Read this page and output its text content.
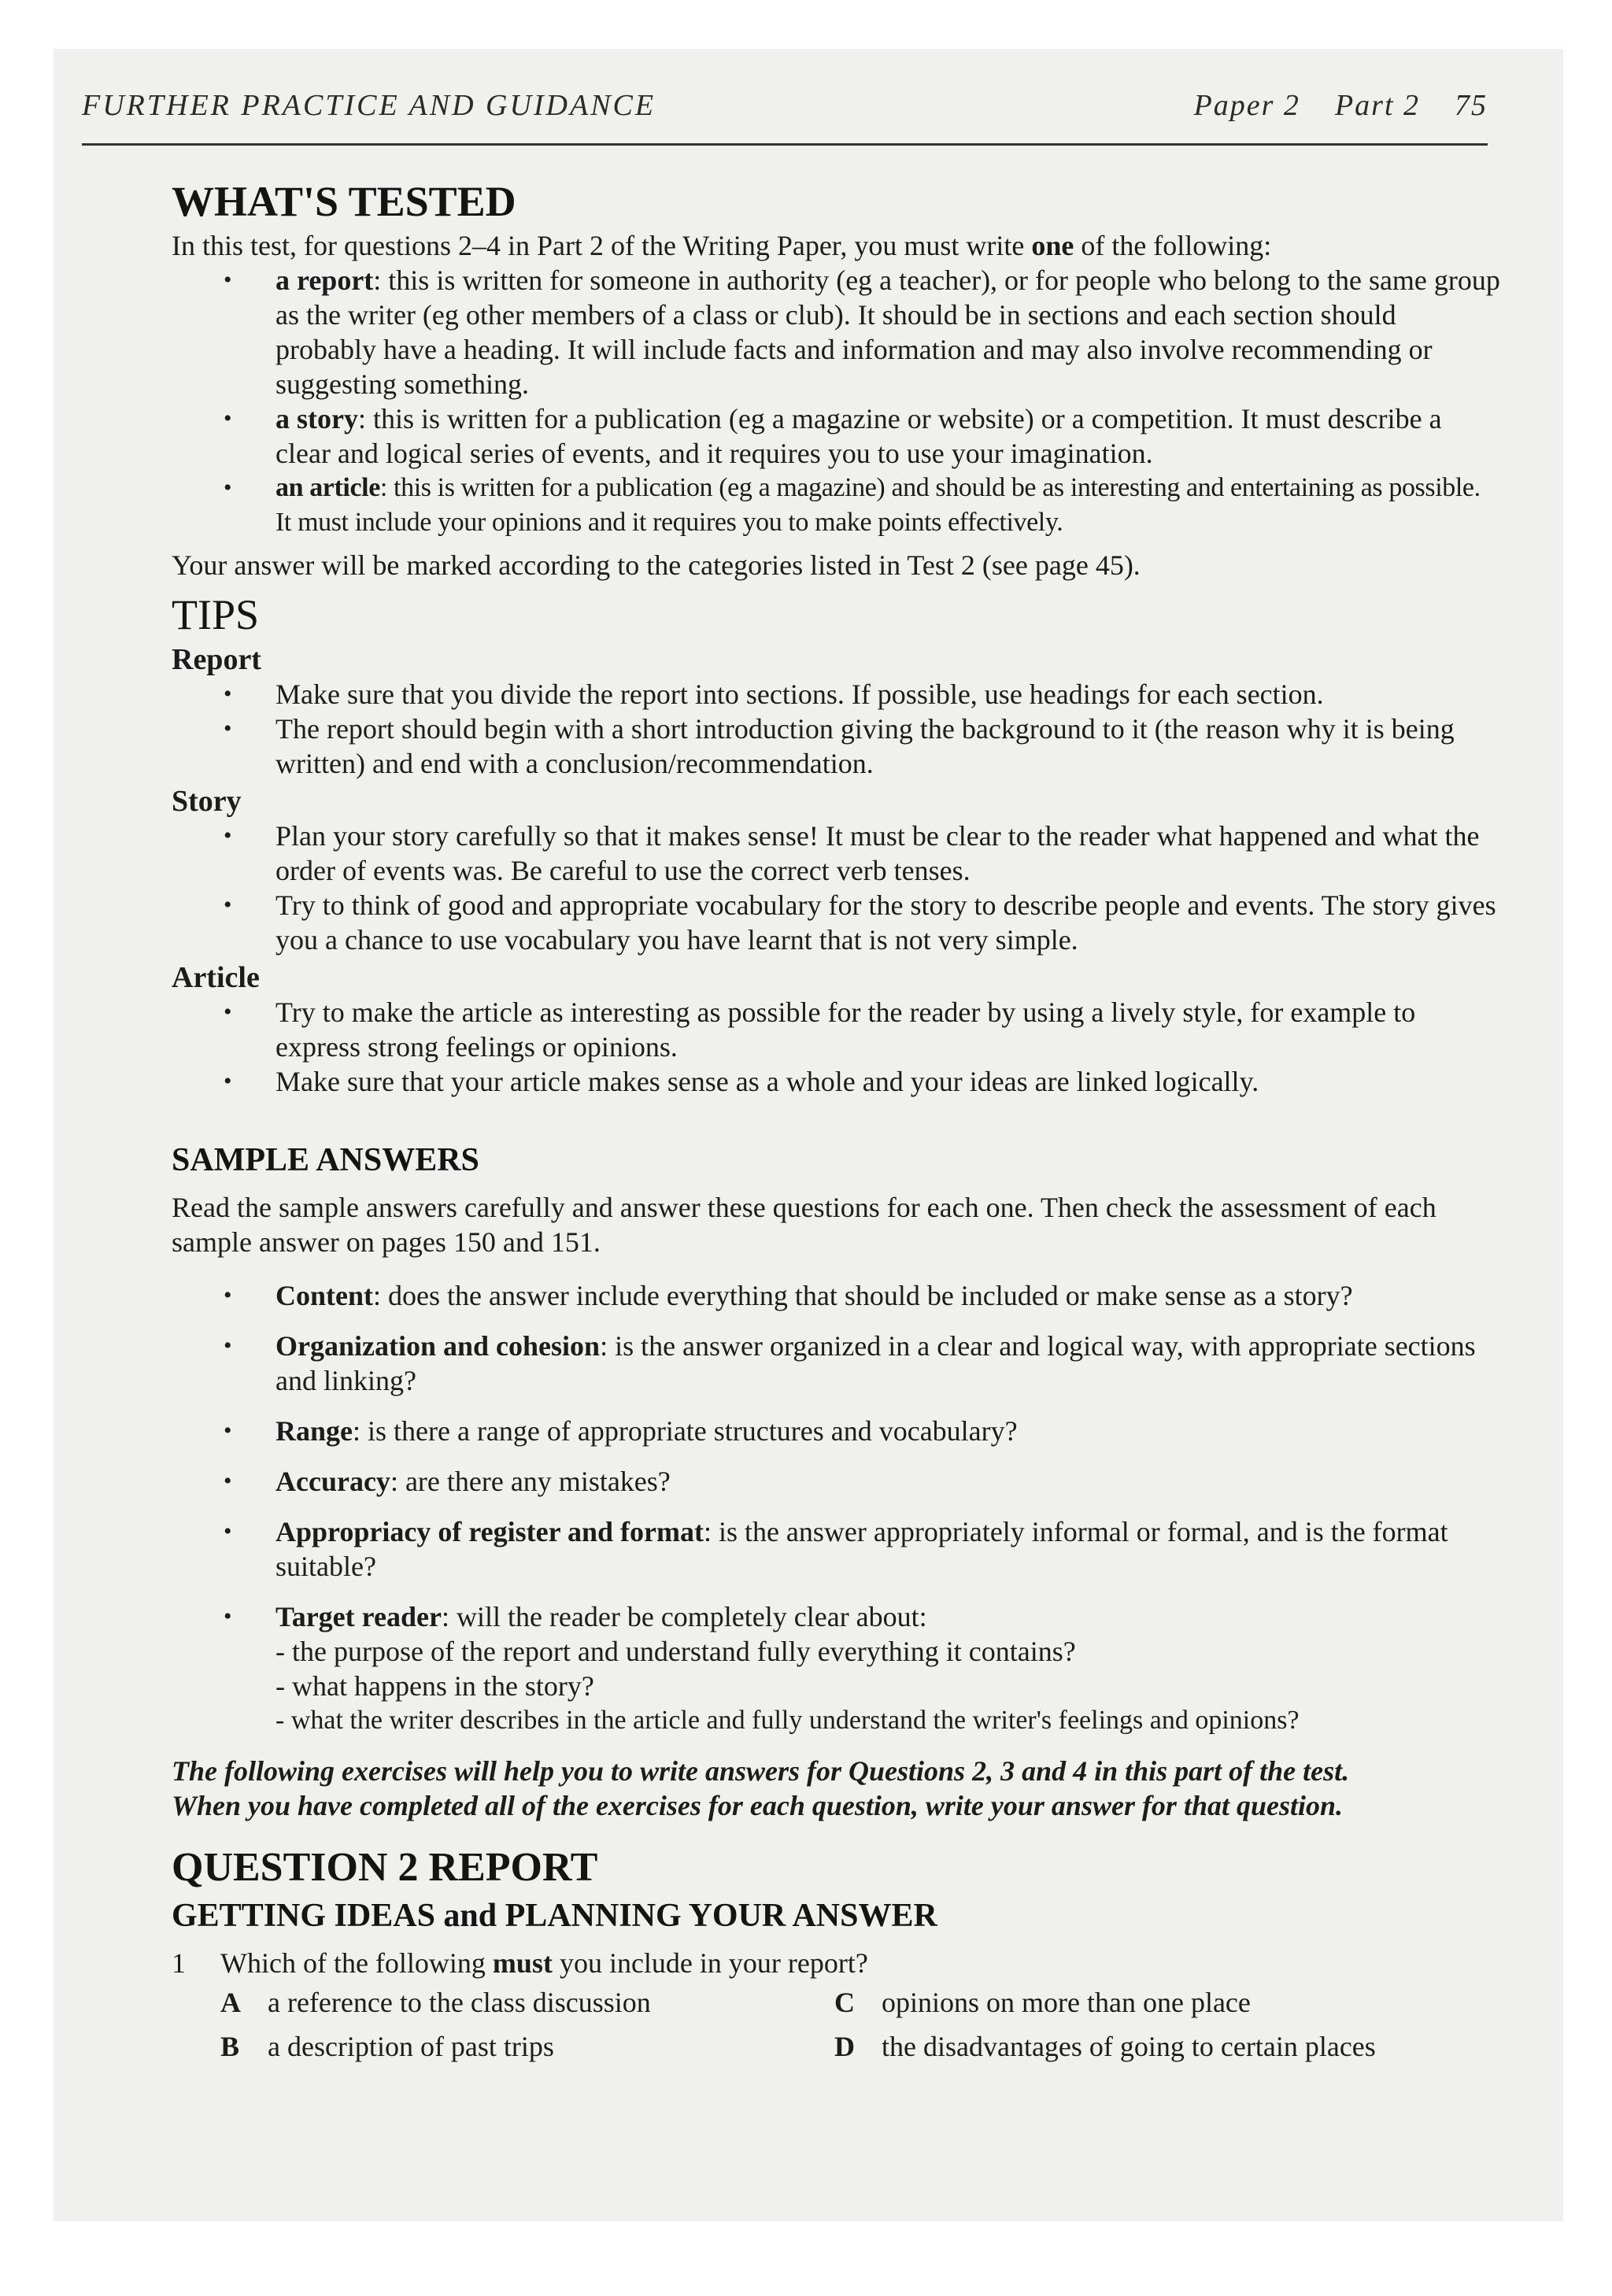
FURTHER PRACTICE AND GUIDANCE	Paper 2 Part 2 75
WHAT'S TESTED

In this test, for questions 2–4 in Part 2 of the Writing Paper, you must write one of the following:

• a report: this is written for someone in authority (eg a teacher), or for people who belong to the same group as the writer (eg other members of a class or club). It should be in sections and each section should probably have a heading. It will include facts and information and may also involve recommending or suggesting something.
• a story: this is written for a publication (eg a magazine or website) or a competition. It must describe a clear and logical series of events, and it requires you to use your imagination.
• an article: this is written for a publication (eg a magazine) and should be as interesting and entertaining as possible. It must include your opinions and it requires you to make points effectively.

Your answer will be marked according to the categories listed in Test 2 (see page 45).

TIPS
Report
• Make sure that you divide the report into sections. If possible, use headings for each section.
• The report should begin with a short introduction giving the background to it (the reason why it is being written) and end with a conclusion/recommendation.
Story
• Plan your story carefully so that it makes sense! It must be clear to the reader what happened and what the order of events was. Be careful to use the correct verb tenses.
• Try to think of good and appropriate vocabulary for the story to describe people and events. The story gives you a chance to use vocabulary you have learnt that is not very simple.
Article
• Try to make the article as interesting as possible for the reader by using a lively style, for example to express strong feelings or opinions.
• Make sure that your article makes sense as a whole and your ideas are linked logically.
SAMPLE ANSWERS

Read the sample answers carefully and answer these questions for each one. Then check the assessment of each sample answer on pages 150 and 151.

• Content: does the answer include everything that should be included or make sense as a story?
• Organization and cohesion: is the answer organized in a clear and logical way, with appropriate sections and linking?
• Range: is there a range of appropriate structures and vocabulary?
• Accuracy: are there any mistakes?
• Appropriacy of register and format: is the answer appropriately informal or formal, and is the format suitable?
• Target reader: will the reader be completely clear about:
- the purpose of the report and understand fully everything it contains?
- what happens in the story?
- what the writer describes in the article and fully understand the writer's feelings and opinions?

The following exercises will help you to write answers for Questions 2, 3 and 4 in this part of the test.

When you have completed all of the exercises for each question, write your answer for that question.

QUESTION 2 REPORT
GETTING IDEAS and PLANNING YOUR ANSWER

1 Which of the following must you include in your report?

A a reference to the class discussion	C opinions on more than one place
B a description of past trips	D the disadvantages of going to certain places
